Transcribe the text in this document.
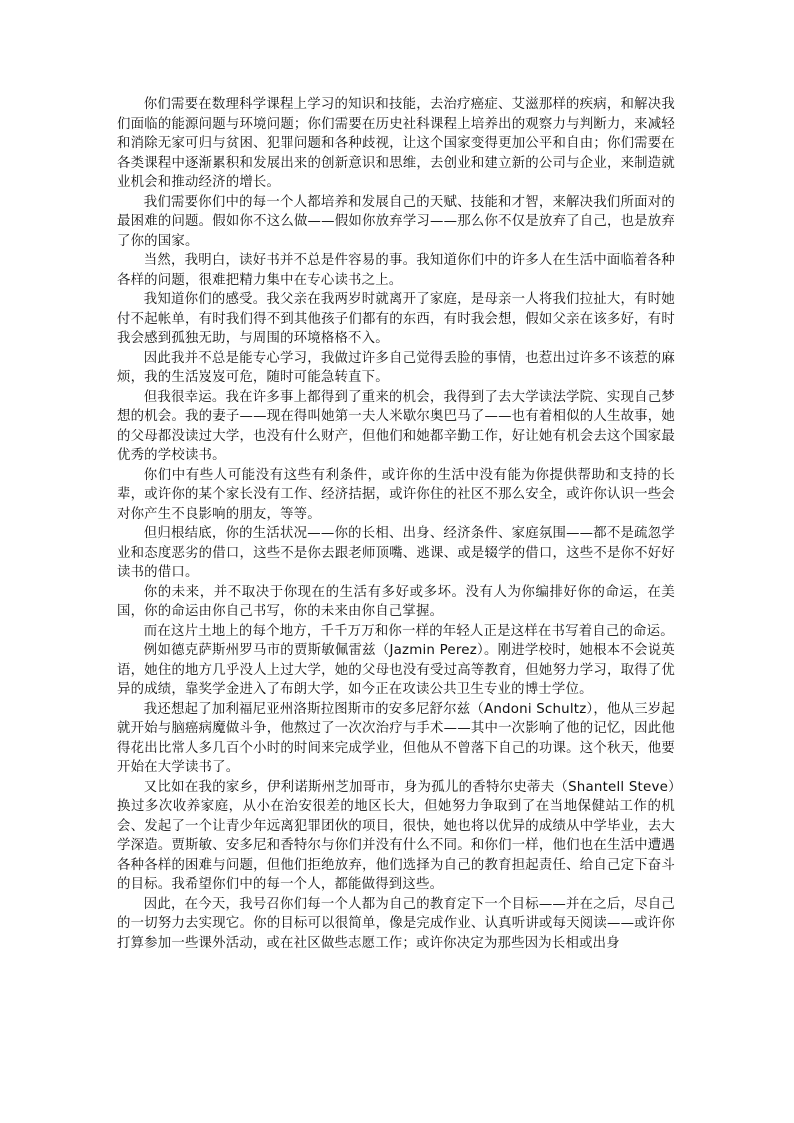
你们需要在数理科学课程上学习的知识和技能，去治疗癌症、艾滋那样的疾病，和解决我们面临的能源问题与环境问题；你们需要在历史社科课程上培养出的观察力与判断力，来减轻和消除无家可归与贫困、犯罪问题和各种歧视，让这个国家变得更加公平和自由；你们需要在各类课程中逐渐累积和发展出来的创新意识和思维，去创业和建立新的公司与企业，来制造就业机会和推动经济的增长。

我们需要你们中的每一个人都培养和发展自己的天赋、技能和才智，来解决我们所面对的最困难的问题。假如你不这么做——假如你放弃学习——那么你不仅是放弃了自己，也是放弃了你的国家。

当然，我明白，读好书并不总是件容易的事。我知道你们中的许多人在生活中面临着各种各样的问题，很难把精力集中在专心读书之上。

我知道你们的感受。我父亲在我两岁时就离开了家庭，是母亲一人将我们拉扯大，有时她付不起帐单，有时我们得不到其他孩子们都有的东西，有时我会想，假如父亲在该多好，有时我会感到孤独无助，与周围的环境格格不入。

因此我并不总是能专心学习，我做过许多自己觉得丢脸的事情，也惹出过许多不该惹的麻烦，我的生活岌岌可危，随时可能急转直下。

但我很幸运。我在许多事上都得到了重来的机会，我得到了去大学读法学院、实现自己梦想的机会。我的妻子——现在得叫她第一夫人米歇尔奥巴马了——也有着相似的人生故事，她的父母都没读过大学，也没有什么财产，但他们和她都辛勤工作，好让她有机会去这个国家最优秀的学校读书。

你们中有些人可能没有这些有利条件，或许你的生活中没有能为你提供帮助和支持的长辈，或许你的某个家长没有工作、经济拮据，或许你住的社区不那么安全，或许你认识一些会对你产生不良影响的朋友，等等。

但归根结底，你的生活状况——你的长相、出身、经济条件、家庭氛围——都不是疏忽学业和态度恶劣的借口，这些不是你去跟老师顶嘴、逃课、或是辍学的借口，这些不是你不好好读书的借口。

你的未来，并不取决于你现在的生活有多好或多坏。没有人为你编排好你的命运，在美国，你的命运由你自己书写，你的未来由你自己掌握。

而在这片土地上的每个地方，千千万万和你一样的年轻人正是这样在书写着自己的命运。

例如德克萨斯州罗马市的贾斯敏佩雷兹（Jazmin Perez）。刚进学校时，她根本不会说英语，她住的地方几乎没人上过大学，她的父母也没有受过高等教育，但她努力学习，取得了优异的成绩，靠奖学金进入了布朗大学，如今正在攻读公共卫生专业的博士学位。

我还想起了加利福尼亚州洛斯拉图斯市的安多尼舒尔兹（Andoni Schultz），他从三岁起就开始与脑癌病魔做斗争，他熬过了一次次治疗与手术——其中一次影响了他的记忆，因此他得花出比常人多几百个小时的时间来完成学业，但他从不曾落下自己的功课。这个秋天，他要开始在大学读书了。

又比如在我的家乡，伊利诺斯州芝加哥市，身为孤儿的香特尔史蒂夫（Shantell Steve）换过多次收养家庭，从小在治安很差的地区长大，但她努力争取到了在当地保健站工作的机会、发起了一个让青少年远离犯罪团伙的项目，很快，她也将以优异的成绩从中学毕业，去大学深造。贾斯敏、安多尼和香特尔与你们并没有什么不同。和你们一样，他们也在生活中遭遇各种各样的困难与问题，但他们拒绝放弃，他们选择为自己的教育担起责任、给自己定下奋斗的目标。我希望你们中的每一个人，都能做得到这些。

因此，在今天，我号召你们每一个人都为自己的教育定下一个目标——并在之后，尽自己的一切努力去实现它。你的目标可以很简单，像是完成作业、认真听讲或每天阅读——或许你打算参加一些课外活动，或在社区做些志愿工作；或许你决定为那些因为长相或出身
